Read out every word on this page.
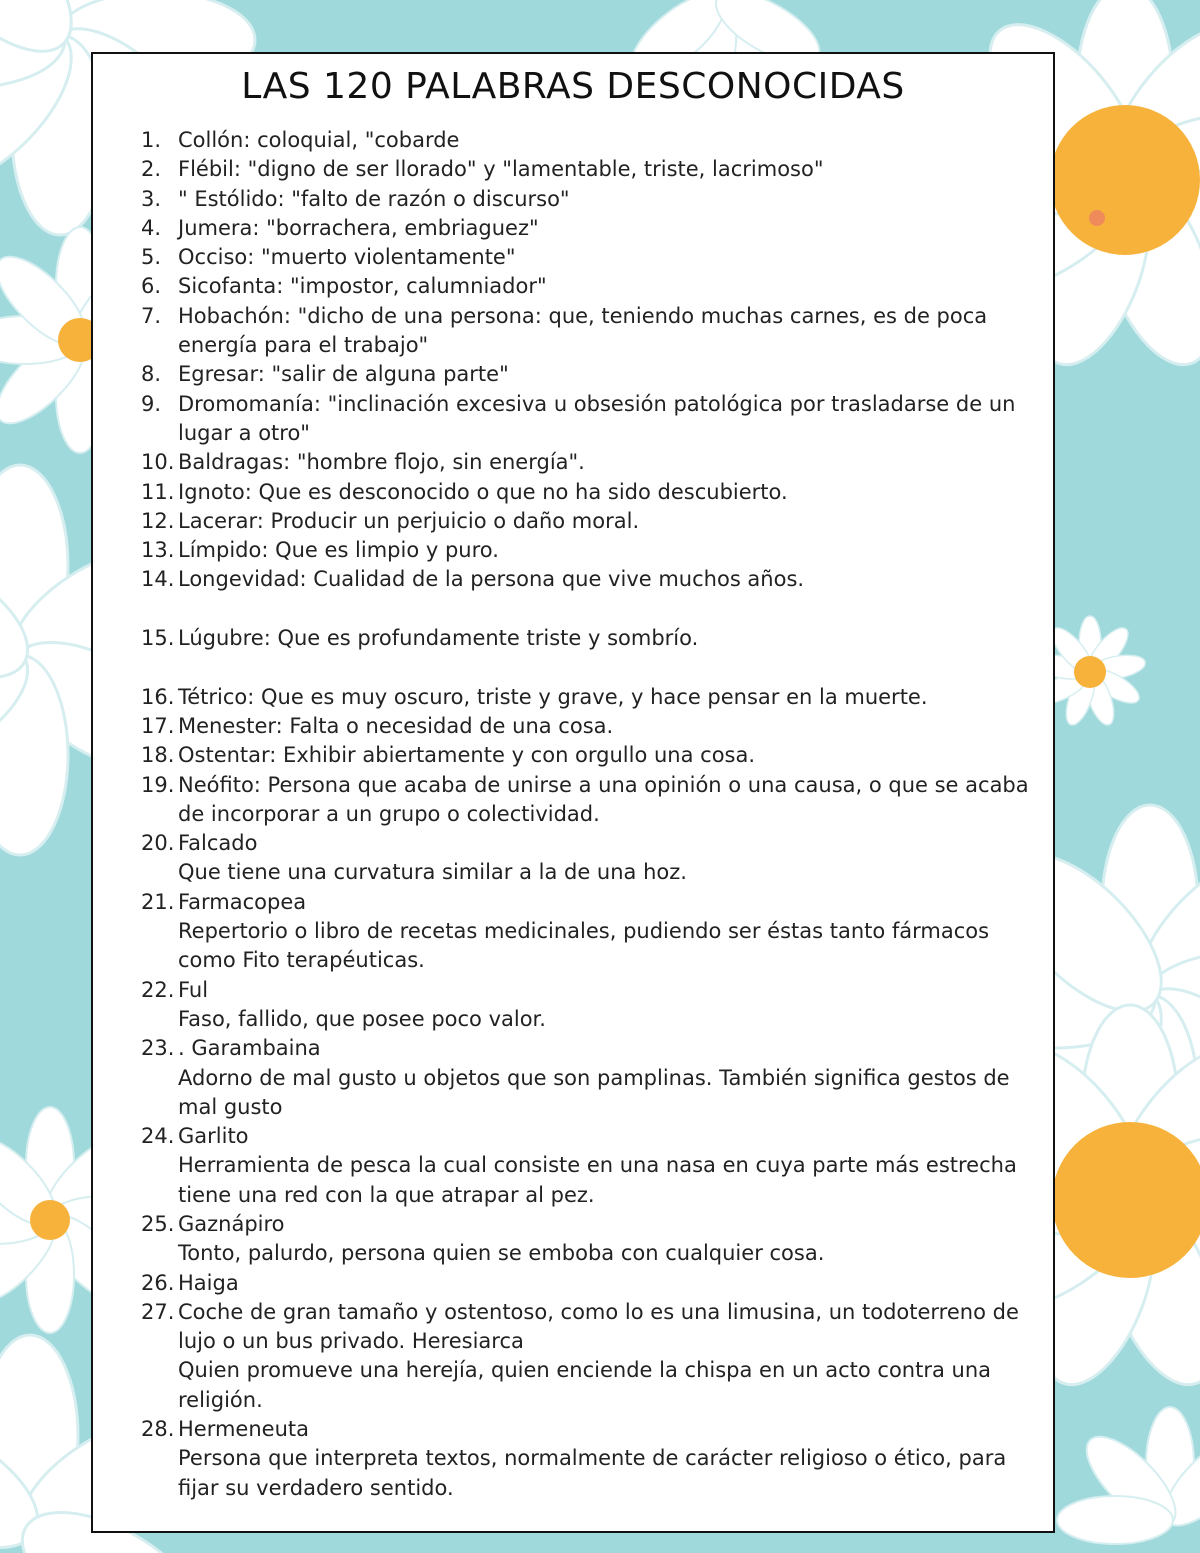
LAS 120 PALABRAS DESCONOCIDAS
1. Collón: coloquial, "cobarde
2. Flébil: "digno de ser llorado" y "lamentable, triste, lacrimoso"
3. " Estólido: "falto de razón o discurso"
4. Jumera: "borrachera, embriaguez"
5. Occiso: "muerto violentamente"
6. Sicofanta: "impostor, calumniador"
7. Hobachón: "dicho de una persona: que, teniendo muchas carnes, es de poca energía para el trabajo"
8. Egresar: "salir de alguna parte"
9. Dromomanía: "inclinación excesiva u obsesión patológica por trasladarse de un lugar a otro"
10. Baldragas: "hombre flojo, sin energía".
11. Ignoto: Que es desconocido o que no ha sido descubierto.
12. Lacerar: Producir un perjuicio o daño moral.
13. Límpido: Que es limpio y puro.
14. Longevidad: Cualidad de la persona que vive muchos años.
15. Lúgubre: Que es profundamente triste y sombrío.
16. Tétrico: Que es muy oscuro, triste y grave, y hace pensar en la muerte.
17. Menester: Falta o necesidad de una cosa.
18. Ostentar: Exhibir abiertamente y con orgullo una cosa.
19. Neófito: Persona que acaba de unirse a una opinión o una causa, o que se acaba de incorporar a un grupo o colectividad.
20. Falcado
Que tiene una curvatura similar a la de una hoz.
21. Farmacopea
Repertorio o libro de recetas medicinales, pudiendo ser éstas tanto fármacos como Fito terapéuticas.
22. Ful
Faso, fallido, que posee poco valor.
23. . Garambaina
Adorno de mal gusto u objetos que son pamplinas. También significa gestos de mal gusto
24. Garlito
Herramienta de pesca la cual consiste en una nasa en cuya parte más estrecha tiene una red con la que atrapar al pez.
25. Gaznápiro
Tonto, palurdo, persona quien se emboba con cualquier cosa.
26. Haiga
27. Coche de gran tamaño y ostentoso, como lo es una limusina, un todoterreno de lujo o un bus privado. Heresiarca
Quien promueve una herejía, quien enciende la chispa en un acto contra una religión.
28. Hermeneuta
Persona que interpreta textos, normalmente de carácter religioso o ético, para fijar su verdadero sentido.
